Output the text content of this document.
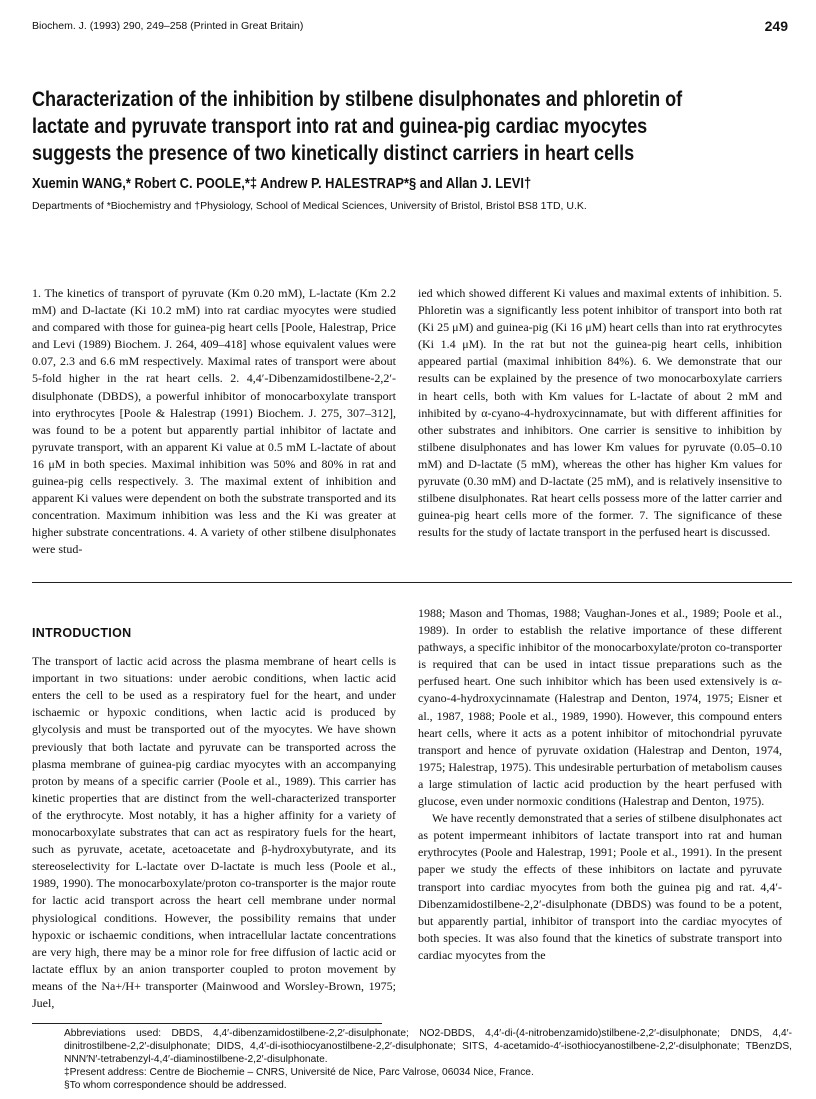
Biochem. J. (1993) 290, 249–258 (Printed in Great Britain)	249
Characterization of the inhibition by stilbene disulphonates and phloretin of
lactate and pyruvate transport into rat and guinea-pig cardiac myocytes
suggests the presence of two kinetically distinct carriers in heart cells
Xuemin WANG,* Robert C. POOLE,*‡ Andrew P. HALESTRAP*§ and Allan J. LEVI†
Departments of *Biochemistry and †Physiology, School of Medical Sciences, University of Bristol, Bristol BS8 1TD, U.K.

1. The kinetics of transport of pyruvate (Km 0.20 mM), L-lactate (Km 2.2 mM) and D-lactate (Ki 10.2 mM) into rat cardiac myocytes were studied and compared with those for guinea-pig heart cells [Poole, Halestrap, Price and Levi (1989) Biochem. J. 264, 409–418] whose equivalent values were 0.07, 2.3 and 6.6 mM respectively. Maximal rates of transport were about 5-fold higher in the rat heart cells. 2. 4,4′-Dibenzamidostilbene-2,2′-disulphonate (DBDS), a powerful inhibitor of monocarboxylate transport into erythrocytes [Poole & Halestrap (1991) Biochem. J. 275, 307–312], was found to be a potent but apparently partial inhibitor of lactate and pyruvate transport, with an apparent Ki value at 0.5 mM L-lactate of about 16 μM in both species. Maximal inhibition was 50% and 80% in rat and guinea-pig cells respectively. 3. The maximal extent of inhibition and apparent Ki values were dependent on both the substrate transported and its concentration. Maximum inhibition was less and the Ki was greater at higher substrate concentrations. 4. A variety of other stilbene disulphonates were stud-

ied which showed different Ki values and maximal extents of inhibition. 5. Phloretin was a significantly less potent inhibitor of transport into both rat (Ki 25 μM) and guinea-pig (Ki 16 μM) heart cells than into rat erythrocytes (Ki 1.4 μM). In the rat but not the guinea-pig heart cells, inhibition appeared partial (maximal inhibition 84%). 6. We demonstrate that our results can be explained by the presence of two monocarboxylate carriers in heart cells, both with Km values for L-lactate of about 2 mM and inhibited by α-cyano-4-hydroxycinnamate, but with different affinities for other substrates and inhibitors. One carrier is sensitive to inhibition by stilbene disulphonates and has lower Km values for pyruvate (0.05–0.10 mM) and D-lactate (5 mM), whereas the other has higher Km values for pyruvate (0.30 mM) and D-lactate (25 mM), and is relatively insensitive to stilbene disulphonates. Rat heart cells possess more of the latter carrier and guinea-pig heart cells more of the former. 7. The significance of these results for the study of lactate transport in the perfused heart is discussed.

INTRODUCTION

The transport of lactic acid across the plasma membrane of heart cells is important in two situations: under aerobic conditions, when lactic acid enters the cell to be used as a respiratory fuel for the heart, and under ischaemic or hypoxic conditions, when lactic acid is produced by glycolysis and must be transported out of the myocytes. We have shown previously that both lactate and pyruvate can be transported across the plasma membrane of guinea-pig cardiac myocytes with an accompanying proton by means of a specific carrier (Poole et al., 1989). This carrier has kinetic properties that are distinct from the well-characterized transporter of the erythrocyte. Most notably, it has a higher affinity for a variety of monocarboxylate substrates that can act as respiratory fuels for the heart, such as pyruvate, acetate, acetoacetate and β-hydroxybutyrate, and its stereoselectivity for L-lactate over D-lactate is much less (Poole et al., 1989, 1990). The monocarboxylate/proton co-transporter is the major route for lactic acid transport across the heart cell membrane under normal physiological conditions. However, the possibility remains that under hypoxic or ischaemic conditions, when intracellular lactate concentrations are very high, there may be a minor role for free diffusion of lactic acid or lactate efflux by an anion transporter coupled to proton movement by means of the Na+/H+ transporter (Mainwood and Worsley-Brown, 1975; Juel,

1988; Mason and Thomas, 1988; Vaughan-Jones et al., 1989; Poole et al., 1989). In order to establish the relative importance of these different pathways, a specific inhibitor of the monocarboxylate/proton co-transporter is required that can be used in intact tissue preparations such as the perfused heart. One such inhibitor which has been used extensively is α-cyano-4-hydroxycinnamate (Halestrap and Denton, 1974, 1975; Eisner et al., 1987, 1988; Poole et al., 1989, 1990). However, this compound enters heart cells, where it acts as a potent inhibitor of mitochondrial pyruvate transport and hence of pyruvate oxidation (Halestrap and Denton, 1974, 1975; Halestrap, 1975). This undesirable perturbation of metabolism causes a large stimulation of lactic acid production by the heart perfused with glucose, even under normoxic conditions (Halestrap and Denton, 1975).

We have recently demonstrated that a series of stilbene disulphonates act as potent impermeant inhibitors of lactate transport into rat and human erythrocytes (Poole and Halestrap, 1991; Poole et al., 1991). In the present paper we study the effects of these inhibitors on lactate and pyruvate transport into cardiac myocytes from both the guinea pig and rat. 4,4′-Dibenzamidostilbene-2,2′-disulphonate (DBDS) was found to be a potent, but apparently partial, inhibitor of transport into the cardiac myocytes of both species. It was also found that the kinetics of substrate transport into cardiac myocytes from the

Abbreviations used: DBDS, 4,4′-dibenzamidostilbene-2,2′-disulphonate; NO2-DBDS, 4,4′-di-(4-nitrobenzamido)stilbene-2,2′-disulphonate; DNDS, 4,4′-dinitrostilbene-2,2′-disulphonate; DIDS, 4,4′-di-isothiocyanostilbene-2,2′-disulphonate; SITS, 4-acetamido-4′-isothiocyanostilbene-2,2′-disulphonate; TBenzDS, NNN′N′-tetrabenzyl-4,4′-diaminostilbene-2,2′-disulphonate.

‡Present address: Centre de Biochemie – CNRS, Université de Nice, Parc Valrose, 06034 Nice, France.

§To whom correspondence should be addressed.
